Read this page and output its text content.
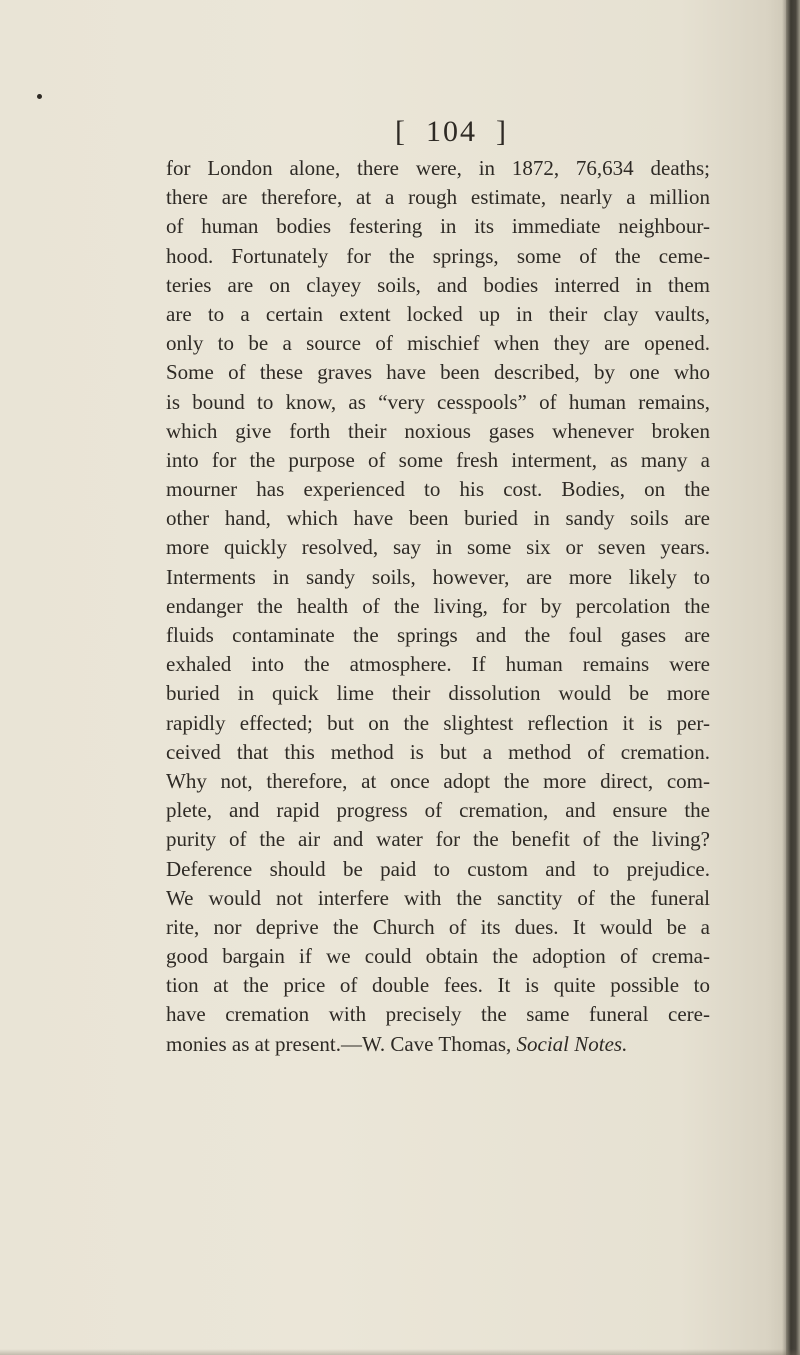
[  104  ]
for London alone, there were, in 1872, 76,634 deaths;
there are therefore, at a rough estimate, nearly a million
of human bodies festering in its immediate neighbour-
hood. Fortunately for the springs, some of the ceme-
teries are on clayey soils, and bodies interred in them
are to a certain extent locked up in their clay vaults,
only to be a source of mischief when they are opened.
Some of these graves have been described, by one who
is bound to know, as “very cesspools” of human remains,
which give forth their noxious gases whenever broken
into for the purpose of some fresh interment, as many a
mourner has experienced to his cost. Bodies, on the
other hand, which have been buried in sandy soils are
more quickly resolved, say in some six or seven years.
Interments in sandy soils, however, are more likely to
endanger the health of the living, for by percolation the
fluids contaminate the springs and the foul gases are
exhaled into the atmosphere. If human remains were
buried in quick lime their dissolution would be more
rapidly effected; but on the slightest reflection it is per-
ceived that this method is but a method of cremation.
Why not, therefore, at once adopt the more direct, com-
plete, and rapid progress of cremation, and ensure the
purity of the air and water for the benefit of the living?
Deference should be paid to custom and to prejudice.
We would not interfere with the sanctity of the funeral
rite, nor deprive the Church of its dues. It would be a
good bargain if we could obtain the adoption of crema-
tion at the price of double fees. It is quite possible to
have cremation with precisely the same funeral cere-
monies as at present.—W. Cave Thomas, Social Notes.
